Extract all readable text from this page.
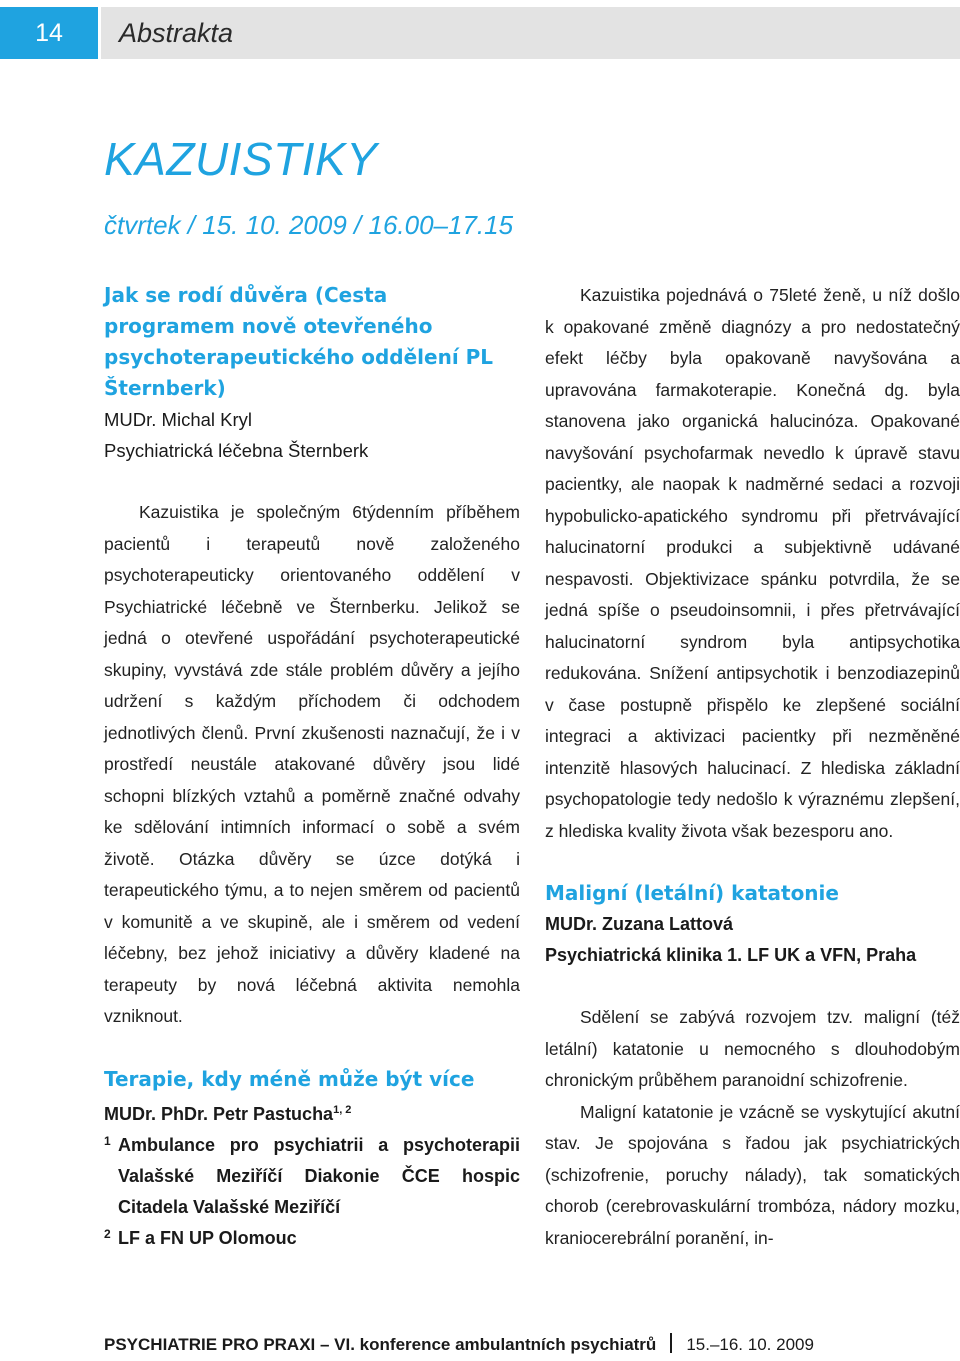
14	Abstrakta
KAZUISTIKY
čtvrtek / 15. 10. 2009 / 16.00–17.15
Jak se rodí důvěra (Cesta programem nově otevřeného psychoterapeutického oddělení PL Šternberk)
MUDr. Michal Kryl
Psychiatrická léčebna Šternberk

Kazuistika je společným 6týdenním příběhem pacientů i terapeutů nově založeného psychoterapeuticky orientovaného oddělení v Psychiatrické léčebně ve Šternberku. Jelikož se jedná o otevřené uspořádání psychoterapeutické skupiny, vyvstává zde stále problém důvěry a jejího udržení s každým příchodem či odchodem jednotlivých členů. První zkušenosti naznačují, že i v prostředí neustále atakované důvěry jsou lidé schopni blízkých vztahů a poměrně značné odvahy ke sdělování intimních informací o sobě a svém životě. Otázka důvěry se úzce dotýká i terapeutického týmu, a to nejen směrem od pacientů v komunitě a ve skupině, ale i směrem od vedení léčebny, bez jehož iniciativy a důvěry kladené na terapeuty by nová léčebná aktivita nemohla vzniknout.

Terapie, kdy méně může být více
MUDr. PhDr. Petr Pastucha$^{1, 2}$
1 Ambulance pro psychiatrii a psychoterapii Valašské Meziříčí Diakonie ČCE hospic Citadela Valašské Meziříčí
2 LF a FN UP Olomouc

Kazuistika pojednává o 75leté ženě, u níž došlo k opakované změně diagnózy a pro nedostatečný efekt léčby byla opakovaně navyšována a upravována farmakoterapie. Konečná dg. byla stanovena jako organická halucinóza. Opakované navyšování psychofarmak nevedlo k úpravě stavu pacientky, ale naopak k nadměrné sedaci a rozvoji hypobulicko-apatického syndromu při přetrvávající halucinatorní produkci a subjektivně udávané nespavosti. Objektivizace spánku potvrdila, že se jedná spíše o pseudoinsomnii, i přes přetrvávající halucinatorní syndrom byla antipsychotika redukována. Snížení antipsychotik i benzodiazepinů v čase postupně přispělo ke zlepšené sociální integraci a aktivizaci pacientky při nezměněné intenzitě hlasových halucinací. Z hlediska základní psychopatologie tedy nedošlo k výraznému zlepšení, z hlediska kvality života však bezesporu ano.

Maligní (letální) katatonie
MUDr. Zuzana Lattová
Psychiatrická klinika 1. LF UK a VFN, Praha

Sdělení se zabývá rozvojem tzv. maligní (též letální) katatonie u nemocného s dlouhodobým chronickým průběhem paranoidní schizofrenie.

Maligní katatonie je vzácně se vyskytující akutní stav. Je spojována s řadou jak psychiatrických (schizofrenie, poruchy nálady), tak somatických chorob (cerebrovaskulární trombóza, nádory mozku, kraniocerebrální poranění, in-

PSYCHIATRIE PRO PRAXI – VI. konference ambulantních psychiatrů 15.–16. 10. 2009
